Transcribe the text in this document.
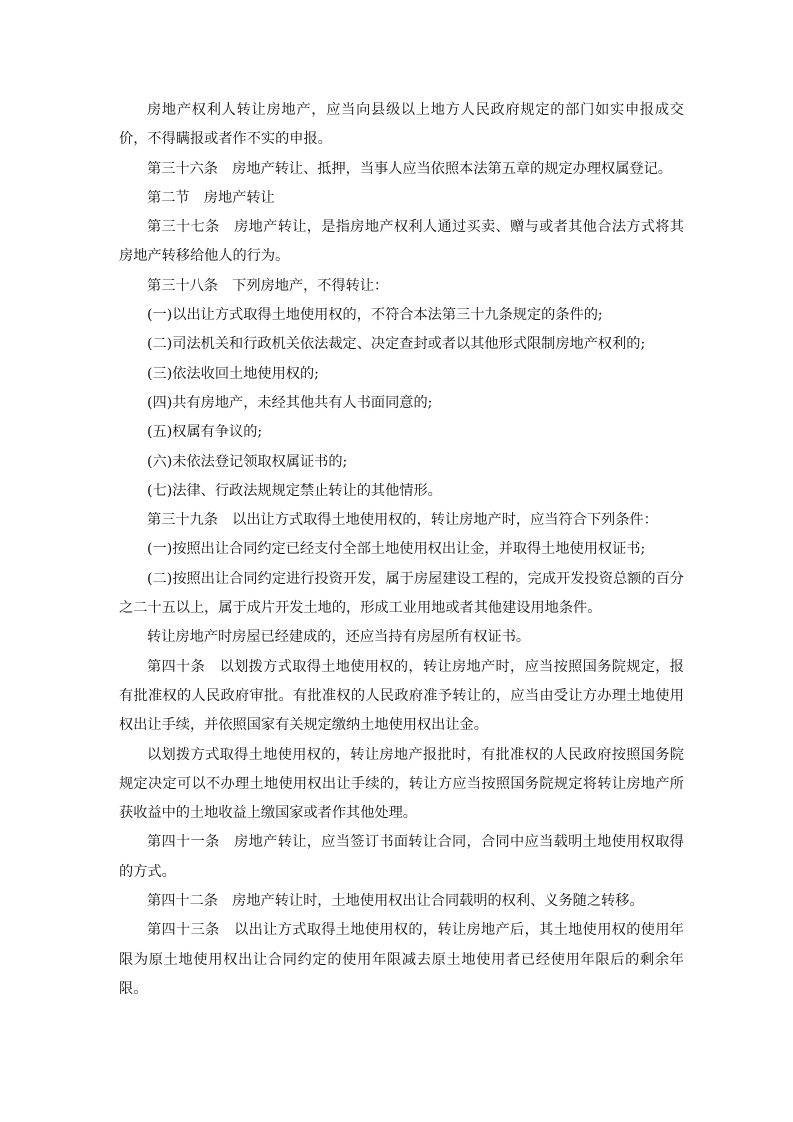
房地产权利人转让房地产，应当向县级以上地方人民政府规定的部门如实申报成交价，不得瞒报或者作不实的申报。

第三十六条　房地产转让、抵押，当事人应当依照本法第五章的规定办理权属登记。

第二节　房地产转让

第三十七条　房地产转让，是指房地产权利人通过买卖、赠与或者其他合法方式将其房地产转移给他人的行为。

第三十八条　下列房地产，不得转让：

(一)以出让方式取得土地使用权的，不符合本法第三十九条规定的条件的;

(二)司法机关和行政机关依法裁定、决定查封或者以其他形式限制房地产权利的;

(三)依法收回土地使用权的;

(四)共有房地产，未经其他共有人书面同意的;

(五)权属有争议的;

(六)未依法登记领取权属证书的;

(七)法律、行政法规规定禁止转让的其他情形。

第三十九条　以出让方式取得土地使用权的，转让房地产时，应当符合下列条件：

(一)按照出让合同约定已经支付全部土地使用权出让金，并取得土地使用权证书;

(二)按照出让合同约定进行投资开发，属于房屋建设工程的，完成开发投资总额的百分之二十五以上，属于成片开发土地的，形成工业用地或者其他建设用地条件。

转让房地产时房屋已经建成的，还应当持有房屋所有权证书。

第四十条　以划拨方式取得土地使用权的，转让房地产时，应当按照国务院规定，报有批准权的人民政府审批。有批准权的人民政府准予转让的，应当由受让方办理土地使用权出让手续，并依照国家有关规定缴纳土地使用权出让金。

以划拨方式取得土地使用权的，转让房地产报批时，有批准权的人民政府按照国务院规定决定可以不办理土地使用权出让手续的，转让方应当按照国务院规定将转让房地产所获收益中的土地收益上缴国家或者作其他处理。

第四十一条　房地产转让，应当签订书面转让合同，合同中应当载明土地使用权取得的方式。

第四十二条　房地产转让时，土地使用权出让合同载明的权利、义务随之转移。

第四十三条　以出让方式取得土地使用权的，转让房地产后，其土地使用权的使用年限为原土地使用权出让合同约定的使用年限减去原土地使用者已经使用年限后的剩余年限。
